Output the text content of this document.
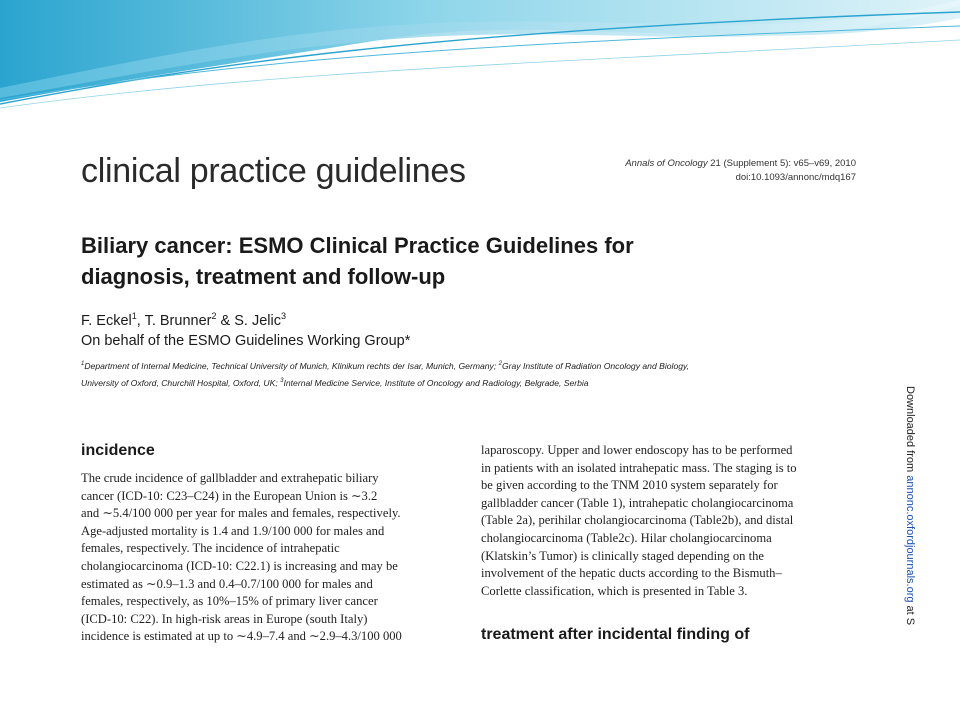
clinical practice guidelines	Annals of Oncology 21 (Supplement 5): v65–v69, 2010
doi:10.1093/annonc/mdq167
Biliary cancer: ESMO Clinical Practice Guidelines for
diagnosis, treatment and follow-up
F. Eckel$^1$, T. Brunner$^2$ & S. Jelic$^3$
On behalf of the ESMO Guidelines Working Group*
$^1$Department of Internal Medicine, Technical University of Munich, Klinikum rechts der Isar, Munich, Germany; $^2$Gray Institute of Radiation Oncology and Biology,
University of Oxford, Churchill Hospital, Oxford, UK; $^3$Internal Medicine Service, Institute of Oncology and Radiology, Belgrade, Serbia
incidence
The crude incidence of gallbladder and extrahepatic biliary
cancer (ICD-10: C23–C24) in the European Union is ∼3.2
and ∼5.4/100 000 per year for males and females, respectively.
Age-adjusted mortality is 1.4 and 1.9/100 000 for males and
females, respectively. The incidence of intrahepatic
cholangiocarcinoma (ICD-10: C22.1) is increasing and may be
estimated as ∼0.9–1.3 and 0.4–0.7/100 000 for males and
females, respectively, as 10%–15% of primary liver cancer
(ICD-10: C22). In high-risk areas in Europe (south Italy)
incidence is estimated at up to ∼4.9–7.4 and ∼2.9–4.3/100 000
laparoscopy. Upper and lower endoscopy has to be performed
in patients with an isolated intrahepatic mass. The staging is to
be given according to the TNM 2010 system separately for
gallbladder cancer (Table 1), intrahepatic cholangiocarcinoma
(Table 2a), perihilar cholangiocarcinoma (Table2b), and distal
cholangiocarcinoma (Table2c). Hilar cholangiocarcinoma
(Klatskin’s Tumor) is clinically staged depending on the
involvement of the hepatic ducts according to the Bismuth–
Corlette classification, which is presented in Table 3.
treatment after incidental finding of
Downloaded from annonc.oxfordjournals.org at S
